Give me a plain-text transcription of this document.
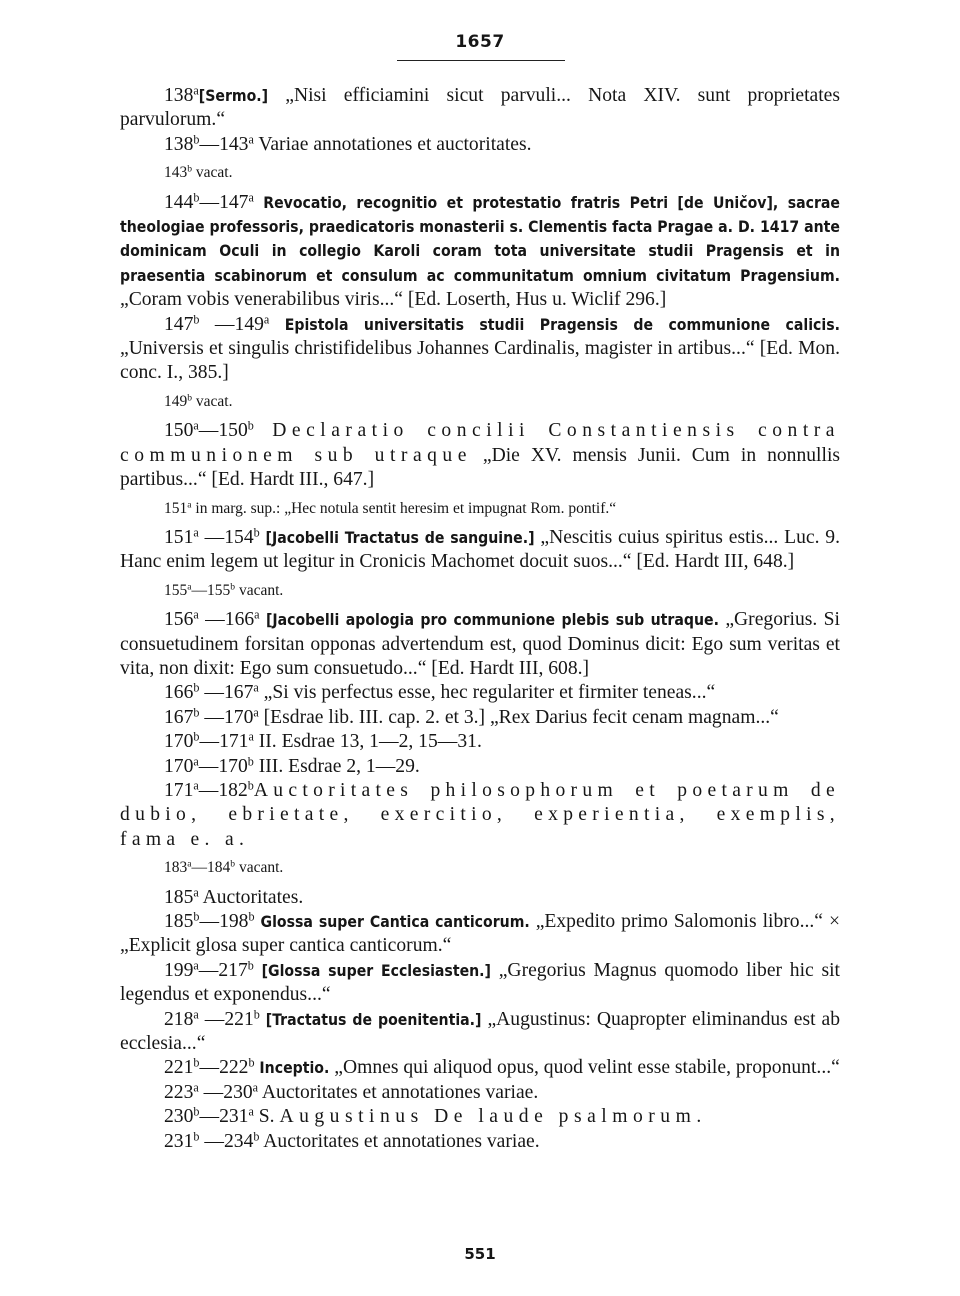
1657

138$^a$[Sermo.] „Nisi efficiamini sicut parvuli... Nota XIV. sunt proprietates parvulorum.“

138$^b$—143$^a$ Variae annotationes et auctoritates.

143$^b$ vacat.

144$^b$—147$^a$ Revocatio, recognitio et protestatio fratris Petri [de Uničov], sacrae theologiae professoris, praedicatoris monasterii s. Clementis facta Pragae a. D. 1417 ante dominicam Oculi in collegio Karoli coram tota universitate studii Pragensis et in praesentia scabinorum et consulum ac communitatum omnium civitatum Pragensium. „Coram vobis venerabilibus viris...“ [Ed. Loserth, Hus u. Wiclif 296.]

147$^b$ —149$^a$ Epistola universitatis studii Pragensis de communione calicis. „Universis et singulis christifidelibus Johannes Cardinalis, magister in artibus...“ [Ed. Mon. conc. I., 385.]

149$^b$ vacat.

150$^a$—150$^b$ Declaratio concilii Constantiensis contra communionem sub utraque „Die XV. mensis Junii. Cum in nonnullis partibus...“ [Ed. Hardt III., 647.]

151$^a$ in marg. sup.: „Hec notula sentit heresim et impugnat Rom. pontif.“

151$^a$ —154$^b$ [Jacobelli Tractatus de sanguine.] „Nescitis cuius spiritus estis... Luc. 9. Hanc enim legem ut legitur in Cronicis Machomet docuit suos...“ [Ed. Hardt III, 648.]

155$^a$—155$^b$ vacant.

156$^a$ —166$^a$ [Jacobelli apologia pro communione plebis sub utraque. „Gregorius. Si consuetudinem forsitan opponas advertendum est, quod Dominus dicit: Ego sum veritas et vita, non dixit: Ego sum consuetudo...“ [Ed. Hardt III, 608.]

166$^b$ —167$^a$ „Si vis perfectus esse, hec regulariter et firmiter teneas...“

167$^b$ —170$^a$ [Esdrae lib. III. cap. 2. et 3.] „Rex Darius fecit cenam magnam...“

170$^b$—171$^a$ II. Esdrae 13, 1—2, 15—31.

170$^a$—170$^b$ III. Esdrae 2, 1—29.

171$^a$—182$^b$Auctoritates philosophorum et poetarum de dubio, ebrietate, exercitio, experientia, exemplis, fama e. a.

183$^a$—184$^b$ vacant.

185$^a$ Auctoritates.

185$^b$—198$^b$ Glossa super Cantica canticorum. „Expedito primo Salomonis libro...“ × „Explicit glosa super cantica canticorum.“

199$^a$—217$^b$ [Glossa super Ecclesiasten.] „Gregorius Magnus quomodo liber hic sit legendus et exponendus...“

218$^a$ —221$^b$ [Tractatus de poenitentia.] „Augustinus: Quapropter eliminandus est ab ecclesia...“

221$^b$—222$^b$ Inceptio. „Omnes qui aliquod opus, quod velint esse stabile, proponunt...“

223$^a$ —230$^a$ Auctoritates et annotationes variae.

230$^b$—231$^a$ S. Augustinus De laude psalmorum.

231$^b$ —234$^b$ Auctoritates et annotationes variae.

551
